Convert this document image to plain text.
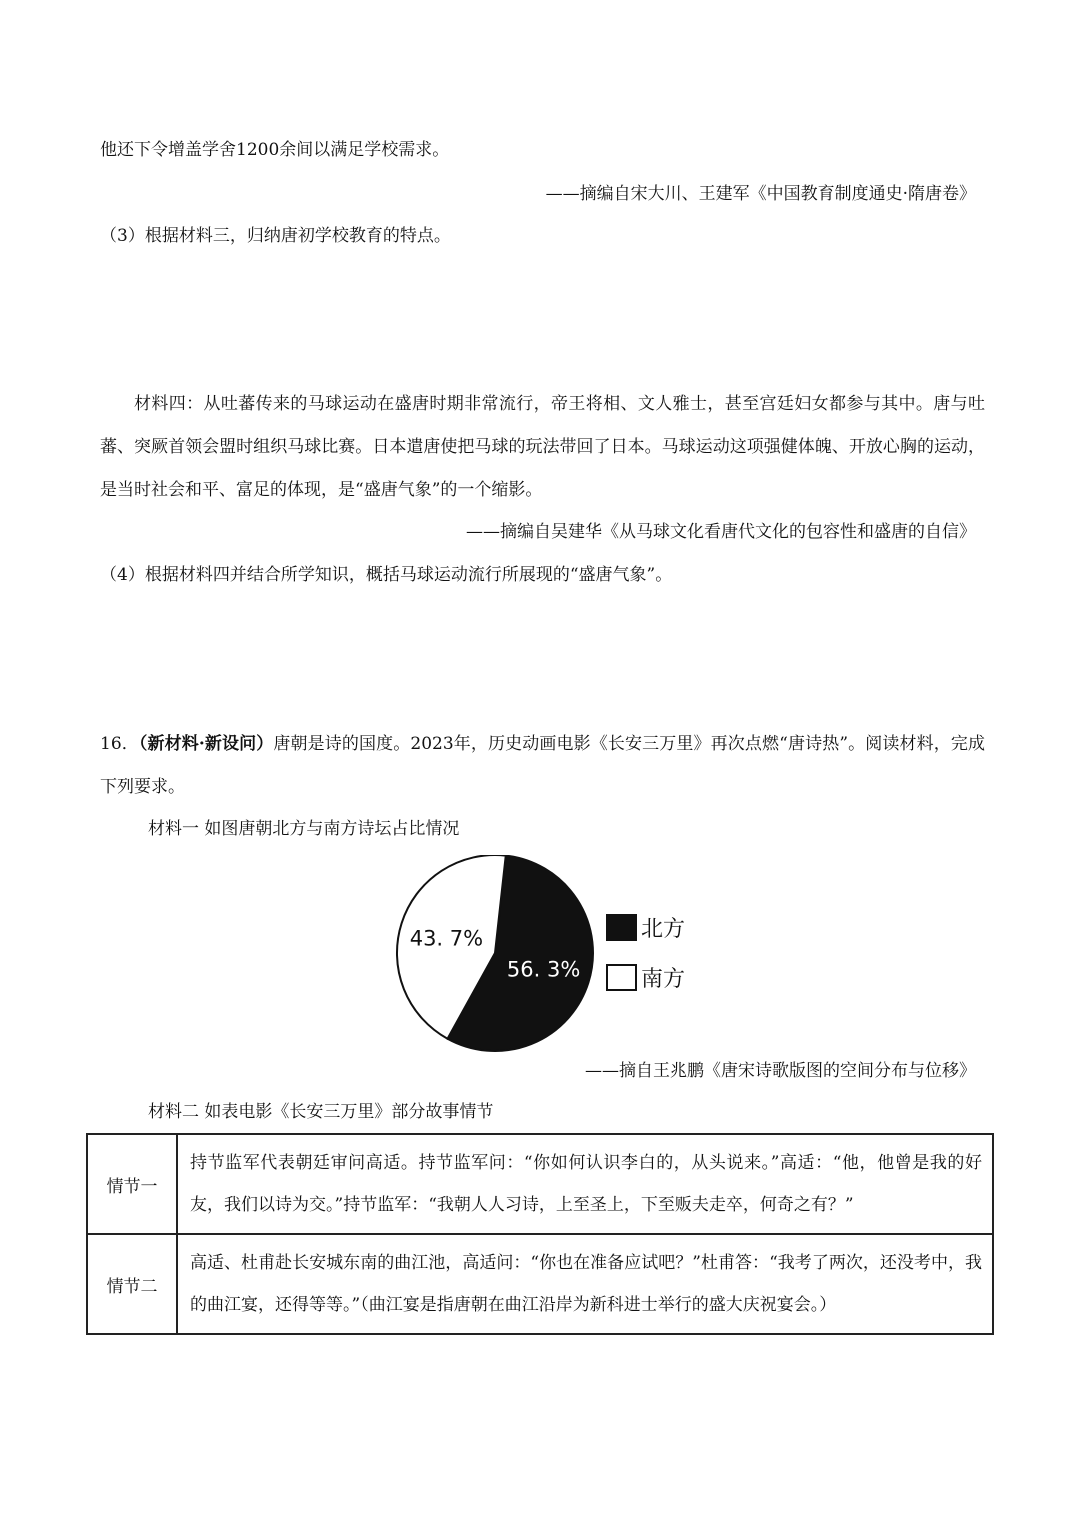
他还下令增盖学舍1200余间以满足学校需求。
——摘编自宋大川、王建军《中国教育制度通史·隋唐卷》
（3）根据材料三，归纳唐初学校教育的特点。
材料四：从吐蕃传来的马球运动在盛唐时期非常流行，帝王将相、文人雅士，甚至宫廷妇女都参与其中。唐与吐蕃、突厥首领会盟时组织马球比赛。日本遣唐使把马球的玩法带回了日本。马球运动这项强健体魄、开放心胸的运动，是当时社会和平、富足的体现，是“盛唐气象”的一个缩影。
——摘编自吴建华《从马球文化看唐代文化的包容性和盛唐的自信》
（4）根据材料四并结合所学知识，概括马球运动流行所展现的“盛唐气象”。
16．（新材料·新设问）唐朝是诗的国度。2023年，历史动画电影《长安三万里》再次点燃“唐诗热”。阅读材料，完成下列要求。
材料一 如图唐朝北方与南方诗坛占比情况
56. 3%
43. 7%	北方
南方
——摘自王兆鹏《唐宋诗歌版图的空间分布与位移》
材料二 如表电影《长安三万里》部分故事情节
情节一	持节监军代表朝廷审问高适。持节监军问：“你如何认识李白的，从头说来。”高适：“他，他曾是我的好友，我们以诗为交。”持节监军：“我朝人人习诗，上至圣上，下至贩夫走卒，何奇之有？”
情节二	高适、杜甫赴长安城东南的曲江池，高适问：“你也在准备应试吧？”杜甫答：“我考了两次，还没考中，我的曲江宴，还得等等。”（曲江宴是指唐朝在曲江沿岸为新科进士举行的盛大庆祝宴会。）
